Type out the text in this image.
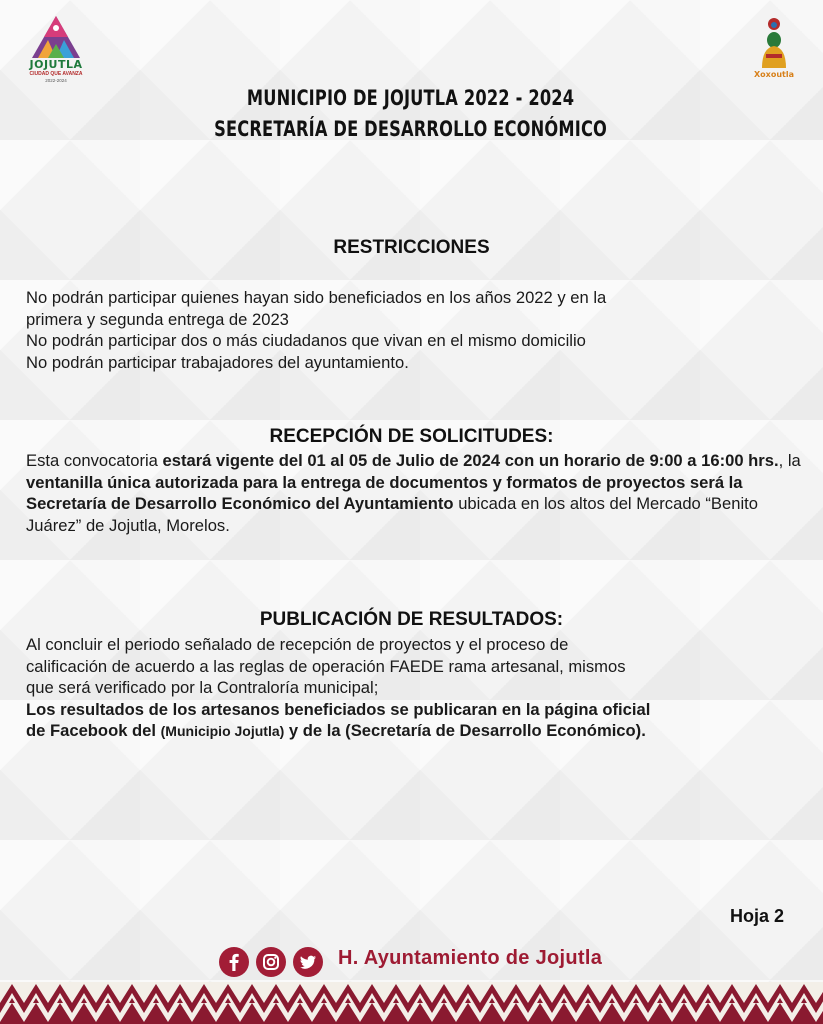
JOJUTLA
CIUDAD QUE AVANZA
2022-2024
Xoxoutla
MUNICIPIO DE JOJUTLA 2022 - 2024
SECRETARÍA DE DESARROLLO ECONÓMICO
RESTRICCIONES
No podrán participar quienes hayan sido beneficiados en los años 2022 y en la
primera y segunda entrega de 2023
No podrán participar dos o más ciudadanos que vivan en el mismo domicilio
No podrán participar trabajadores del ayuntamiento.
RECEPCIÓN DE SOLICITUDES:
Esta convocatoria estará vigente del 01 al 05 de Julio de 2024 con un horario de 9:00 a 16:00 hrs., la ventanilla única autorizada para la entrega de documentos y formatos de proyectos será la Secretaría de Desarrollo Económico del Ayuntamiento ubicada en los altos del Mercado “Benito Juárez” de Jojutla, Morelos.
PUBLICACIÓN DE RESULTADOS:
Al concluir el periodo señalado de recepción de proyectos y el proceso de
calificación de acuerdo a las reglas de operación FAEDE rama artesanal, mismos
que será verificado por la Contraloría municipal;
Los resultados de los artesanos beneficiados se publicaran en la página oficial
de Facebook del (Municipio Jojutla) y de la (Secretaría de Desarrollo Económico).
Hoja 2
H. Ayuntamiento de Jojutla
